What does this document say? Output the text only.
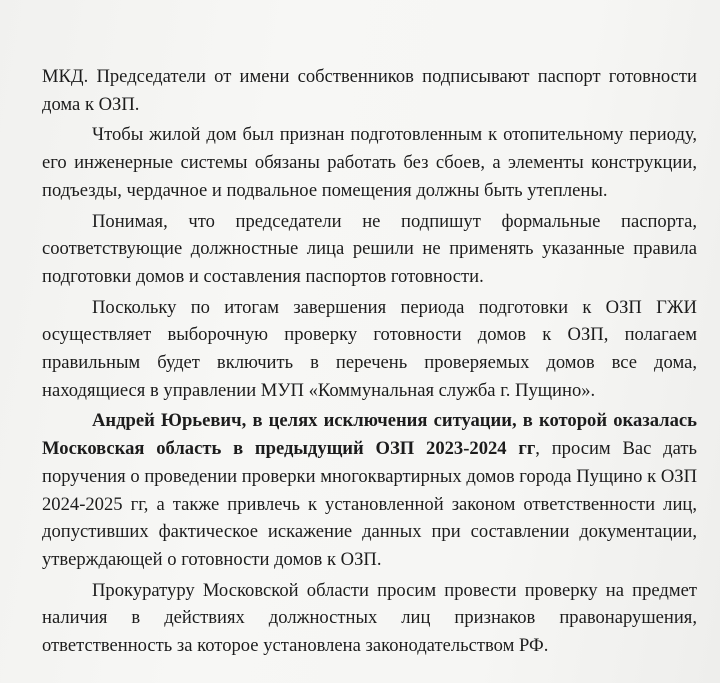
МКД. Председатели от имени собственников подписывают паспорт готовности дома к ОЗП.

Чтобы жилой дом был признан подготовленным к отопительному периоду, его инженерные системы обязаны работать без сбоев, а элементы конструкции, подъезды, чердачное и подвальное помещения должны быть утеплены.

Понимая, что председатели не подпишут формальные паспорта, соответствующие должностные лица решили не применять указанные правила подготовки домов и составления паспортов готовности.

Поскольку по итогам завершения периода подготовки к ОЗП ГЖИ осуществляет выборочную проверку готовности домов к ОЗП, полагаем правильным будет включить в перечень проверяемых домов все дома, находящиеся в управлении МУП «Коммунальная служба г. Пущино».

Андрей Юрьевич, в целях исключения ситуации, в которой оказалась Московская область в предыдущий ОЗП 2023-2024 гг, просим Вас дать поручения о проведении проверки многоквартирных домов города Пущино к ОЗП 2024-2025 гг, а также привлечь к установленной законом ответственности лиц, допустивших фактическое искажение данных при составлении документации, утверждающей о готовности домов к ОЗП.

Прокуратуру Московской области просим провести проверку на предмет наличия в действиях должностных лиц признаков правонарушения, ответственность за которое установлена законодательством РФ.
